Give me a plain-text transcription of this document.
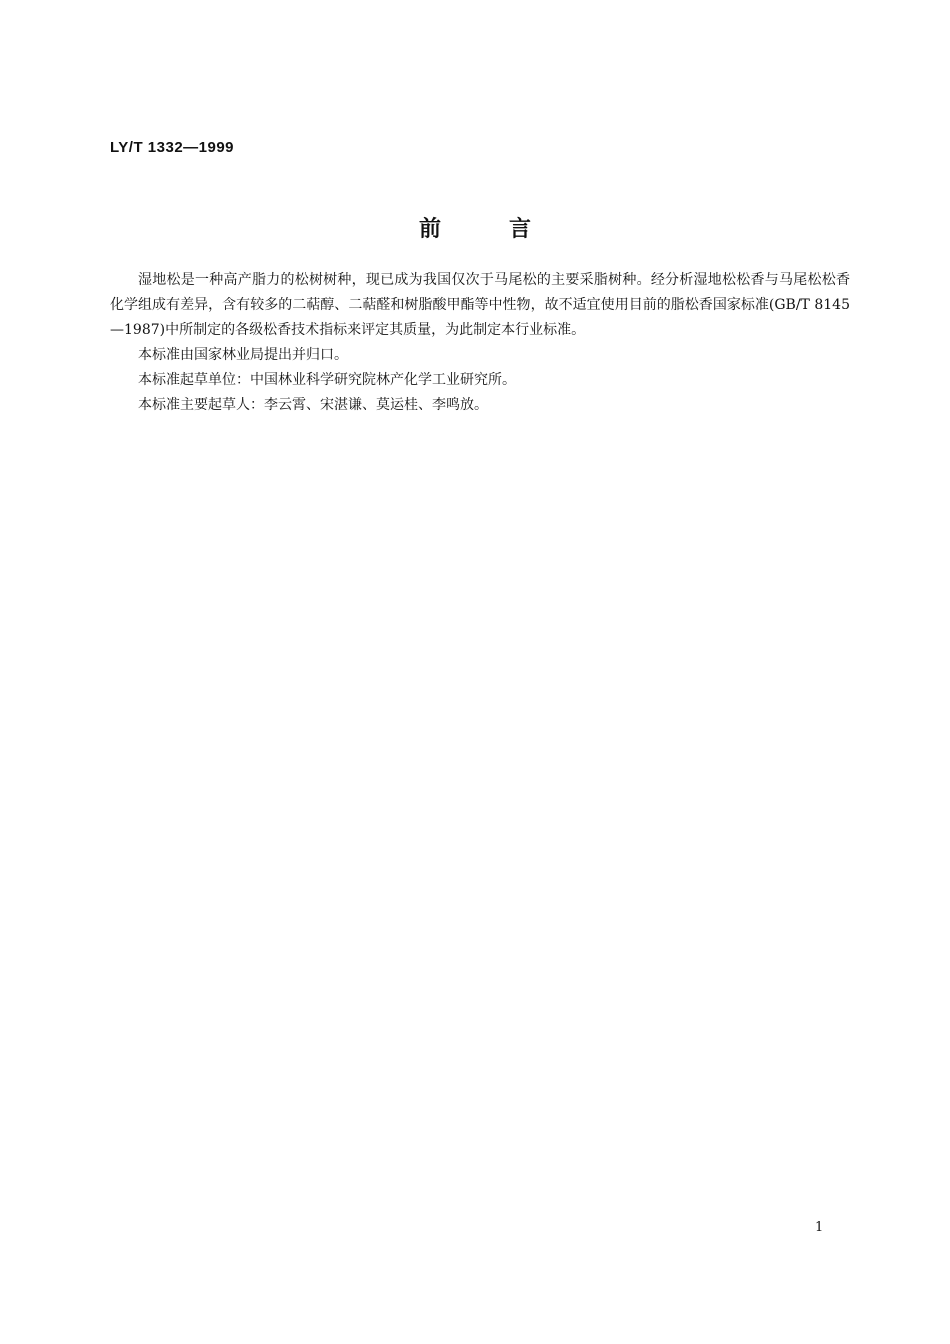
LY/T 1332—1999
前言

湿地松是一种高产脂力的松树树种，现已成为我国仅次于马尾松的主要采脂树种。经分析湿地松松香与马尾松松香化学组成有差异，含有较多的二萜醇、二萜醛和树脂酸甲酯等中性物，故不适宜使用目前的脂松香国家标准(GB/T 8145—1987)中所制定的各级松香技术指标来评定其质量，为此制定本行业标准。

本标准由国家林业局提出并归口。

本标准起草单位：中国林业科学研究院林产化学工业研究所。

本标准主要起草人：李云霄、宋湛谦、莫运桂、李鸣放。

1
